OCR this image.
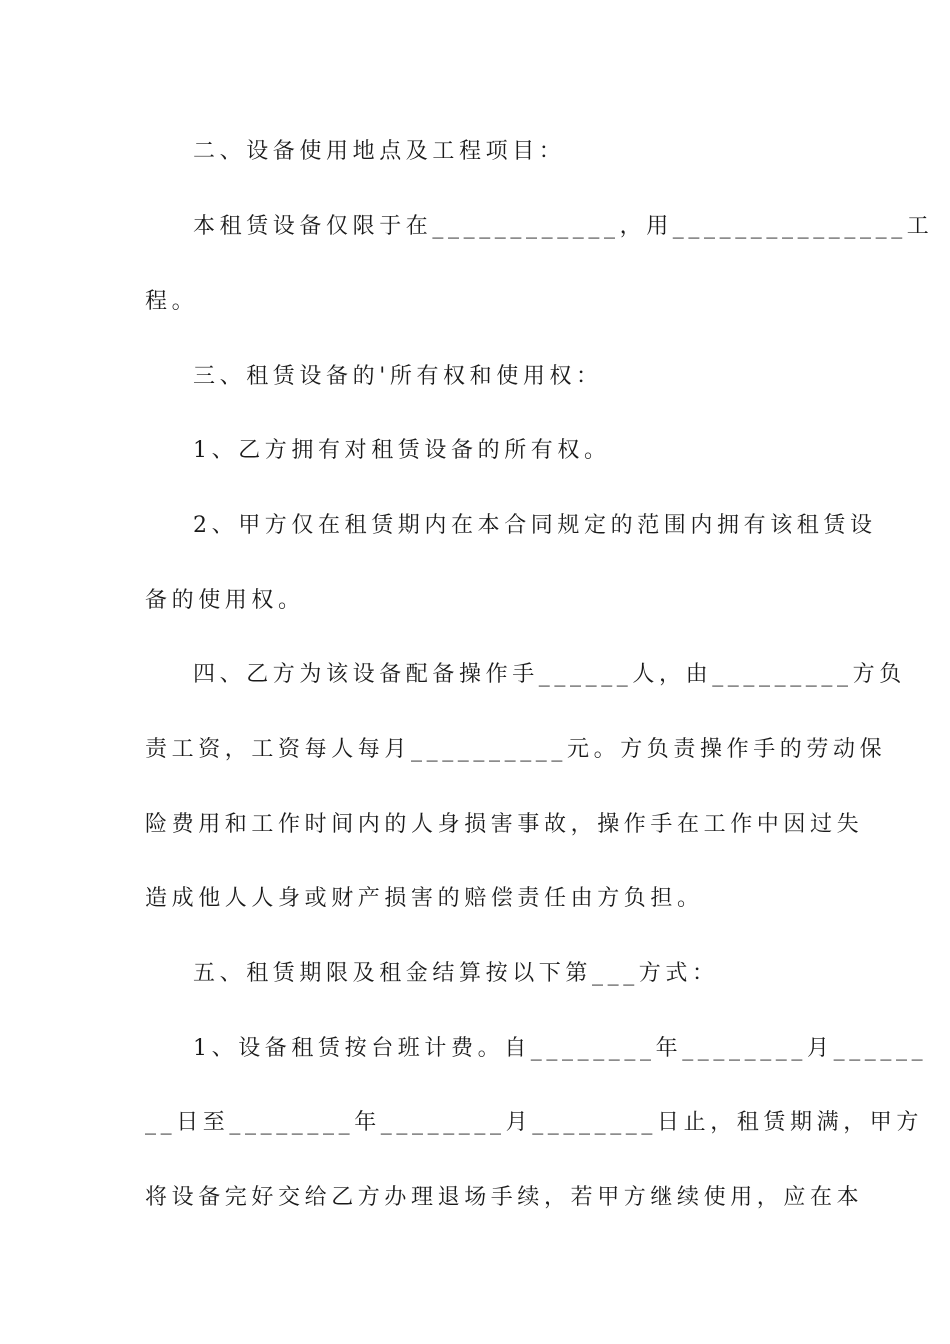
二、设备使用地点及工程项目：
本租赁设备仅限于在____________，用_______________工
程。
三、租赁设备的'所有权和使用权：
1、乙方拥有对租赁设备的所有权。
2、甲方仅在租赁期内在本合同规定的范围内拥有该租赁设
备的使用权。
四、乙方为该设备配备操作手______人，由_________方负
责工资，工资每人每月__________元。方负责操作手的劳动保
险费用和工作时间内的人身损害事故，操作手在工作中因过失
造成他人人身或财产损害的赔偿责任由方负担。
五、租赁期限及租金结算按以下第___方式：
1、设备租赁按台班计费。自________年________月______
__日至________年________月________日止，租赁期满，甲方
将设备完好交给乙方办理退场手续，若甲方继续使用，应在本
